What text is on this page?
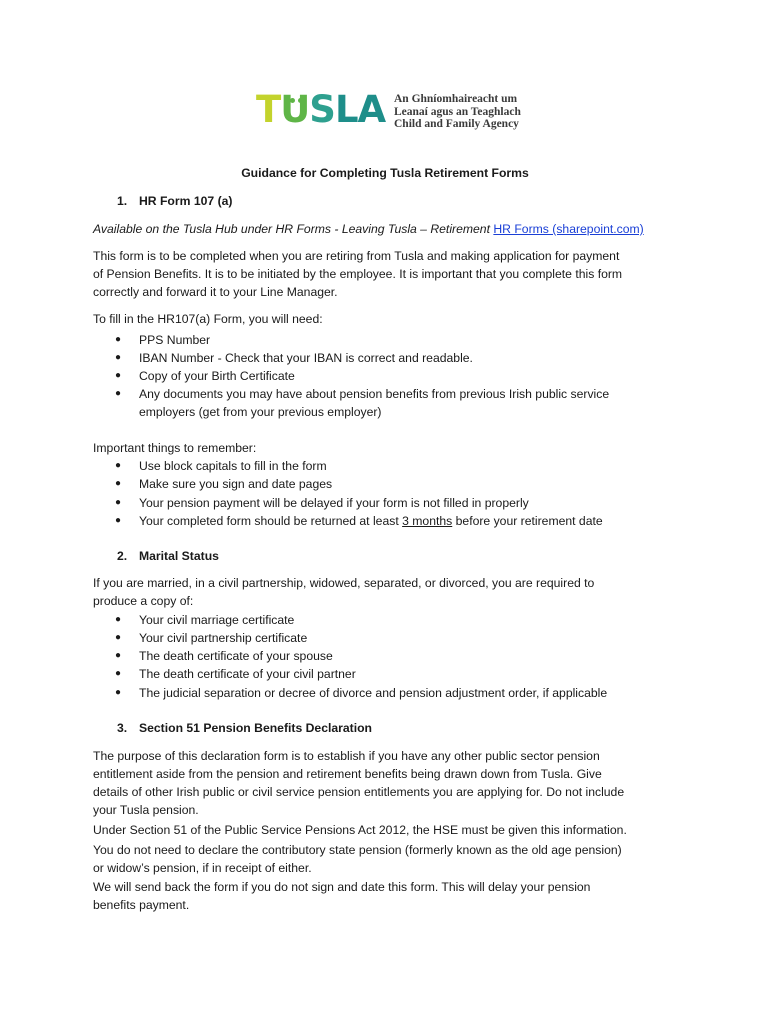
TUSLA An Ghníomhaireacht um
Leanaí agus an Teaghlach
Child and Family Agency
Guidance for Completing Tusla Retirement Forms
1. HR Form 107 (a)
Available on the Tusla Hub under HR Forms - Leaving Tusla – Retirement HR Forms (sharepoint.com)
This form is to be completed when you are retiring from Tusla and making application for payment
of Pension Benefits. It is to be initiated by the employee. It is important that you complete this form
correctly and forward it to your Line Manager.
To fill in the HR107(a) Form, you will need:
● PPS Number
● IBAN Number - Check that your IBAN is correct and readable.
● Copy of your Birth Certificate
● Any documents you may have about pension benefits from previous Irish public service
employers (get from your previous employer)
Important things to remember:
● Use block capitals to fill in the form
● Make sure you sign and date pages
● Your pension payment will be delayed if your form is not filled in properly
● Your completed form should be returned at least 3 months before your retirement date
2. Marital Status
If you are married, in a civil partnership, widowed, separated, or divorced, you are required to
produce a copy of:
● Your civil marriage certificate
● Your civil partnership certificate
● The death certificate of your spouse
● The death certificate of your civil partner
● The judicial separation or decree of divorce and pension adjustment order, if applicable
3. Section 51 Pension Benefits Declaration
The purpose of this declaration form is to establish if you have any other public sector pension
entitlement aside from the pension and retirement benefits being drawn down from Tusla. Give
details of other Irish public or civil service pension entitlements you are applying for. Do not include
your Tusla pension.
Under Section 51 of the Public Service Pensions Act 2012, the HSE must be given this information.
You do not need to declare the contributory state pension (formerly known as the old age pension)
or widow’s pension, if in receipt of either.
We will send back the form if you do not sign and date this form. This will delay your pension
benefits payment.
